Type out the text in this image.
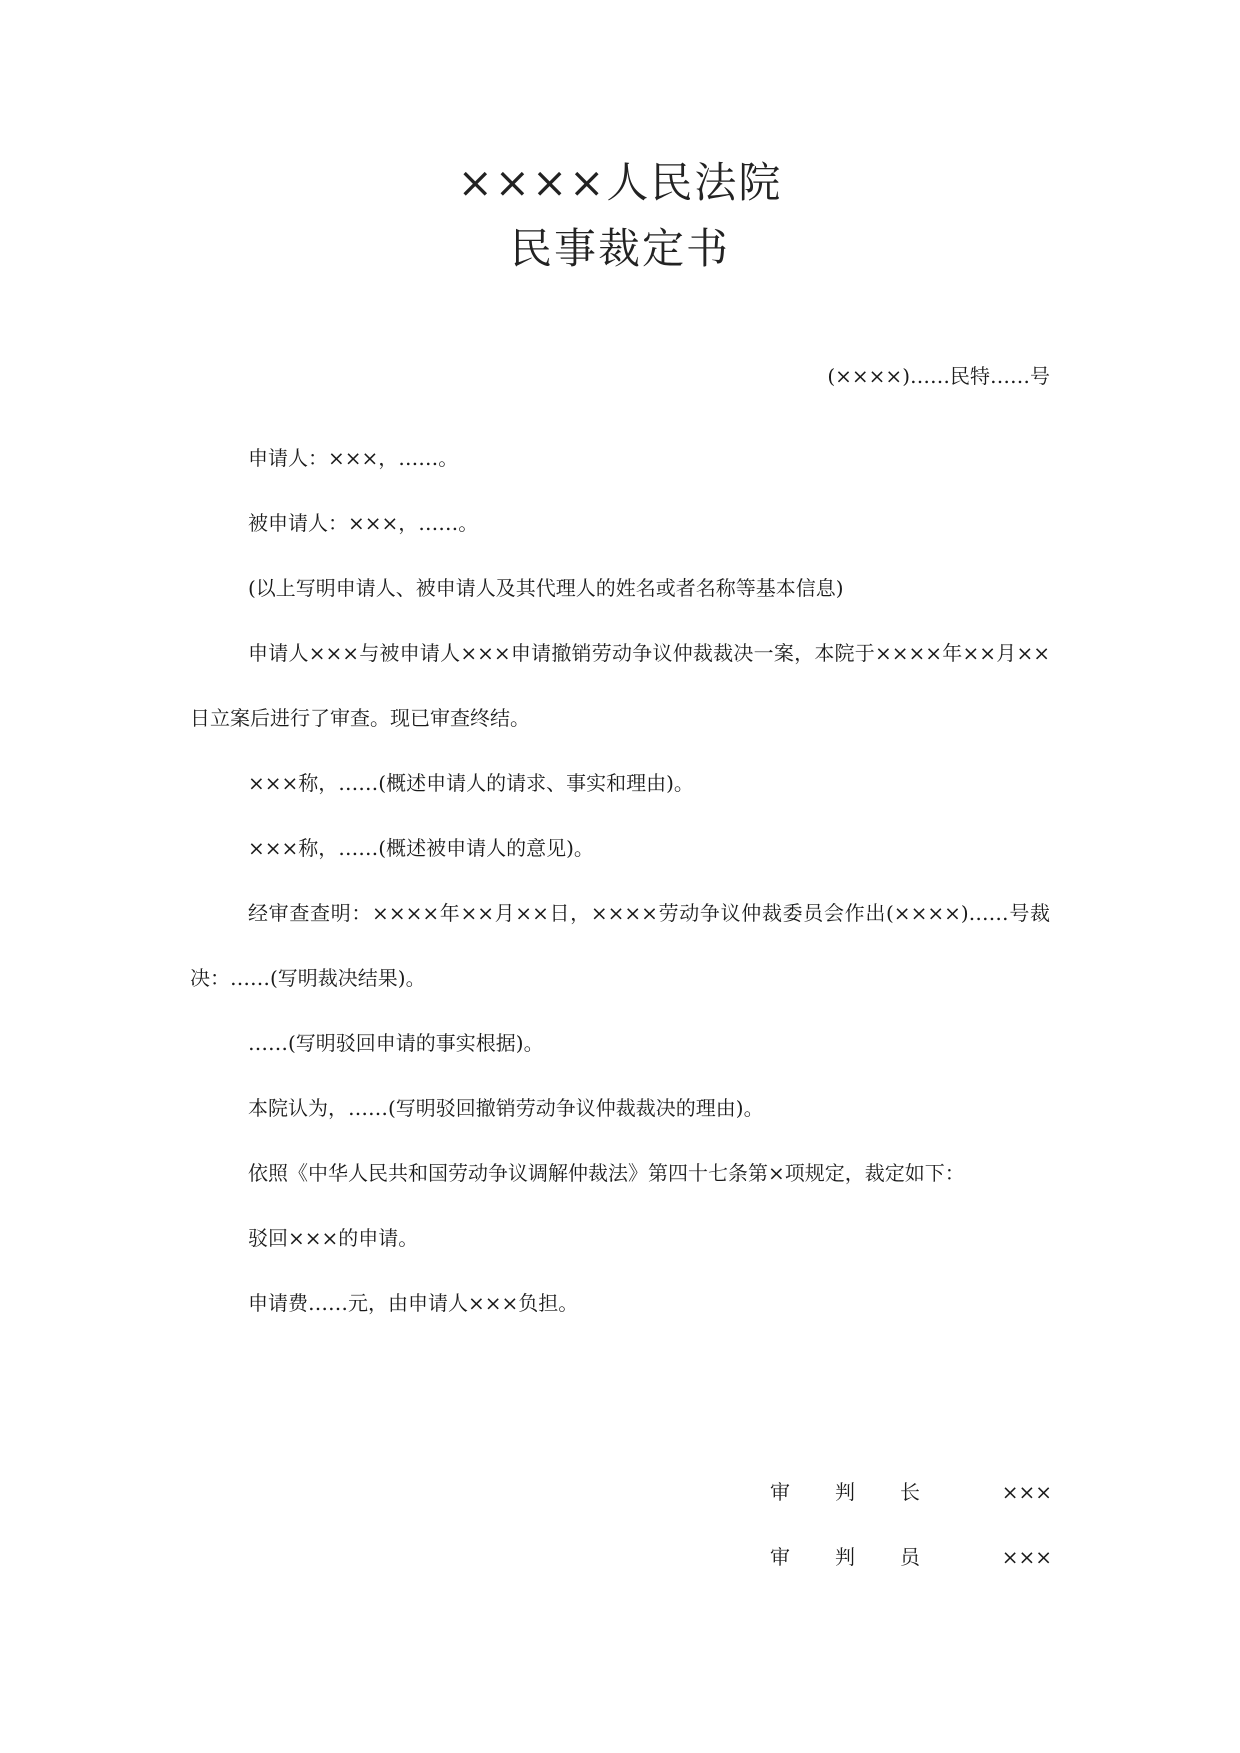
××××人民法院
民事裁定书
(××××)……民特……号

申请人：×××，……。

被申请人：×××，……。

(以上写明申请人、被申请人及其代理人的姓名或者名称等基本信息)

申请人×××与被申请人×××申请撤销劳动争议仲裁裁决一案，本院于××××年××月××日立案后进行了审查。现已审查终结。

×××称，……(概述申请人的请求、事实和理由)。

×××称，……(概述被申请人的意见)。

经审查查明：××××年××月××日，××××劳动争议仲裁委员会作出(××××)……号裁决：……(写明裁决结果)。

……(写明驳回申请的事实根据)。

本院认为，……(写明驳回撤销劳动争议仲裁裁决的理由)。

依照《中华人民共和国劳动争议调解仲裁法》第四十七条第×项规定，裁定如下：

驳回×××的申请。

申请费……元，由申请人×××负担。

审 判 长	×××
审 判 员	×××
